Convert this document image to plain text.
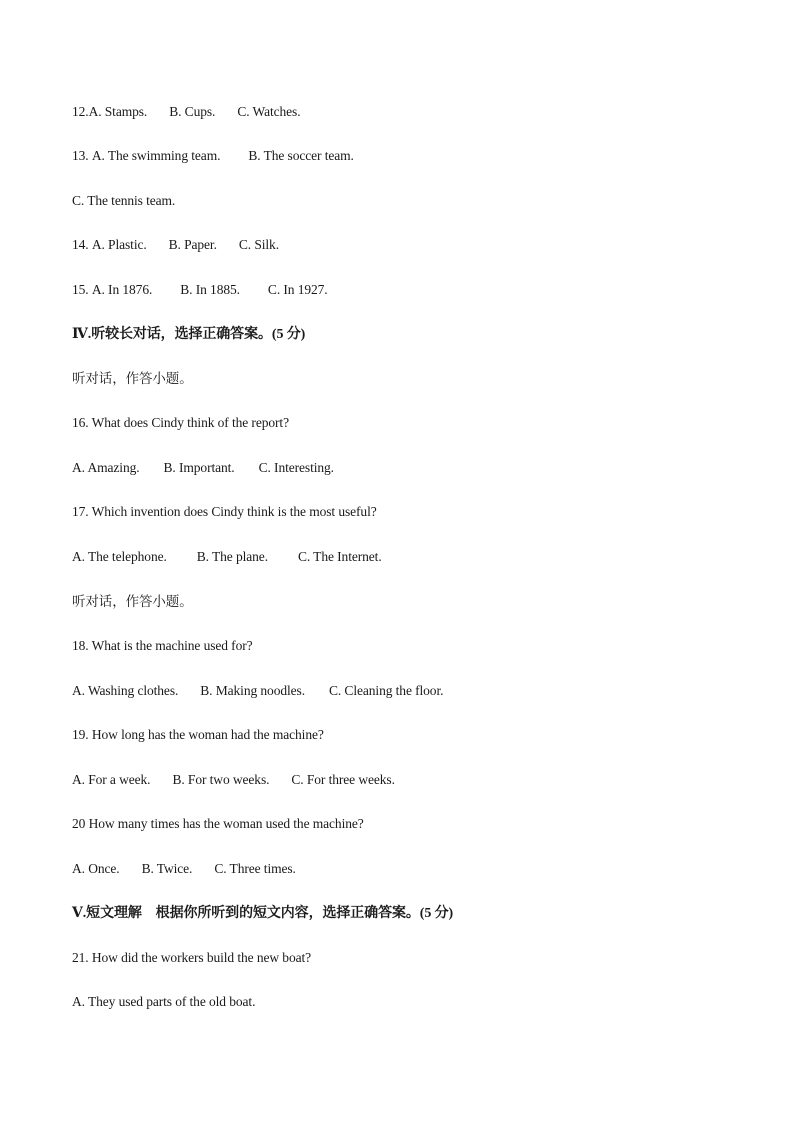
12.A. Stamps. B. Cups. C. Watches.
13. A. The swimming team. B. The soccer team.
C. The tennis team.
14. A. Plastic. B. Paper. C. Silk.
15. A. In 1876. B. In 1885. C. In 1927.
Ⅳ.听较长对话，选择正确答案。(5 分)
听对话，作答小题。
16. What does Cindy think of the report?
A. Amazing. B. Important. C. Interesting.
17. Which invention does Cindy think is the most useful?
A. The telephone. B. The plane. C. The Internet.
听对话，作答小题。
18. What is the machine used for?
A. Washing clothes. B. Making noodles. C. Cleaning the floor.
19. How long has the woman had the machine?
A. For a week. B. For two weeks. C. For three weeks.
20 How many times has the woman used the machine?
A. Once. B. Twice. C. Three times.
Ⅴ.短文理解　根据你所听到的短文内容，选择正确答案。(5 分)
21. How did the workers build the new boat?
A. They used parts of the old boat.
